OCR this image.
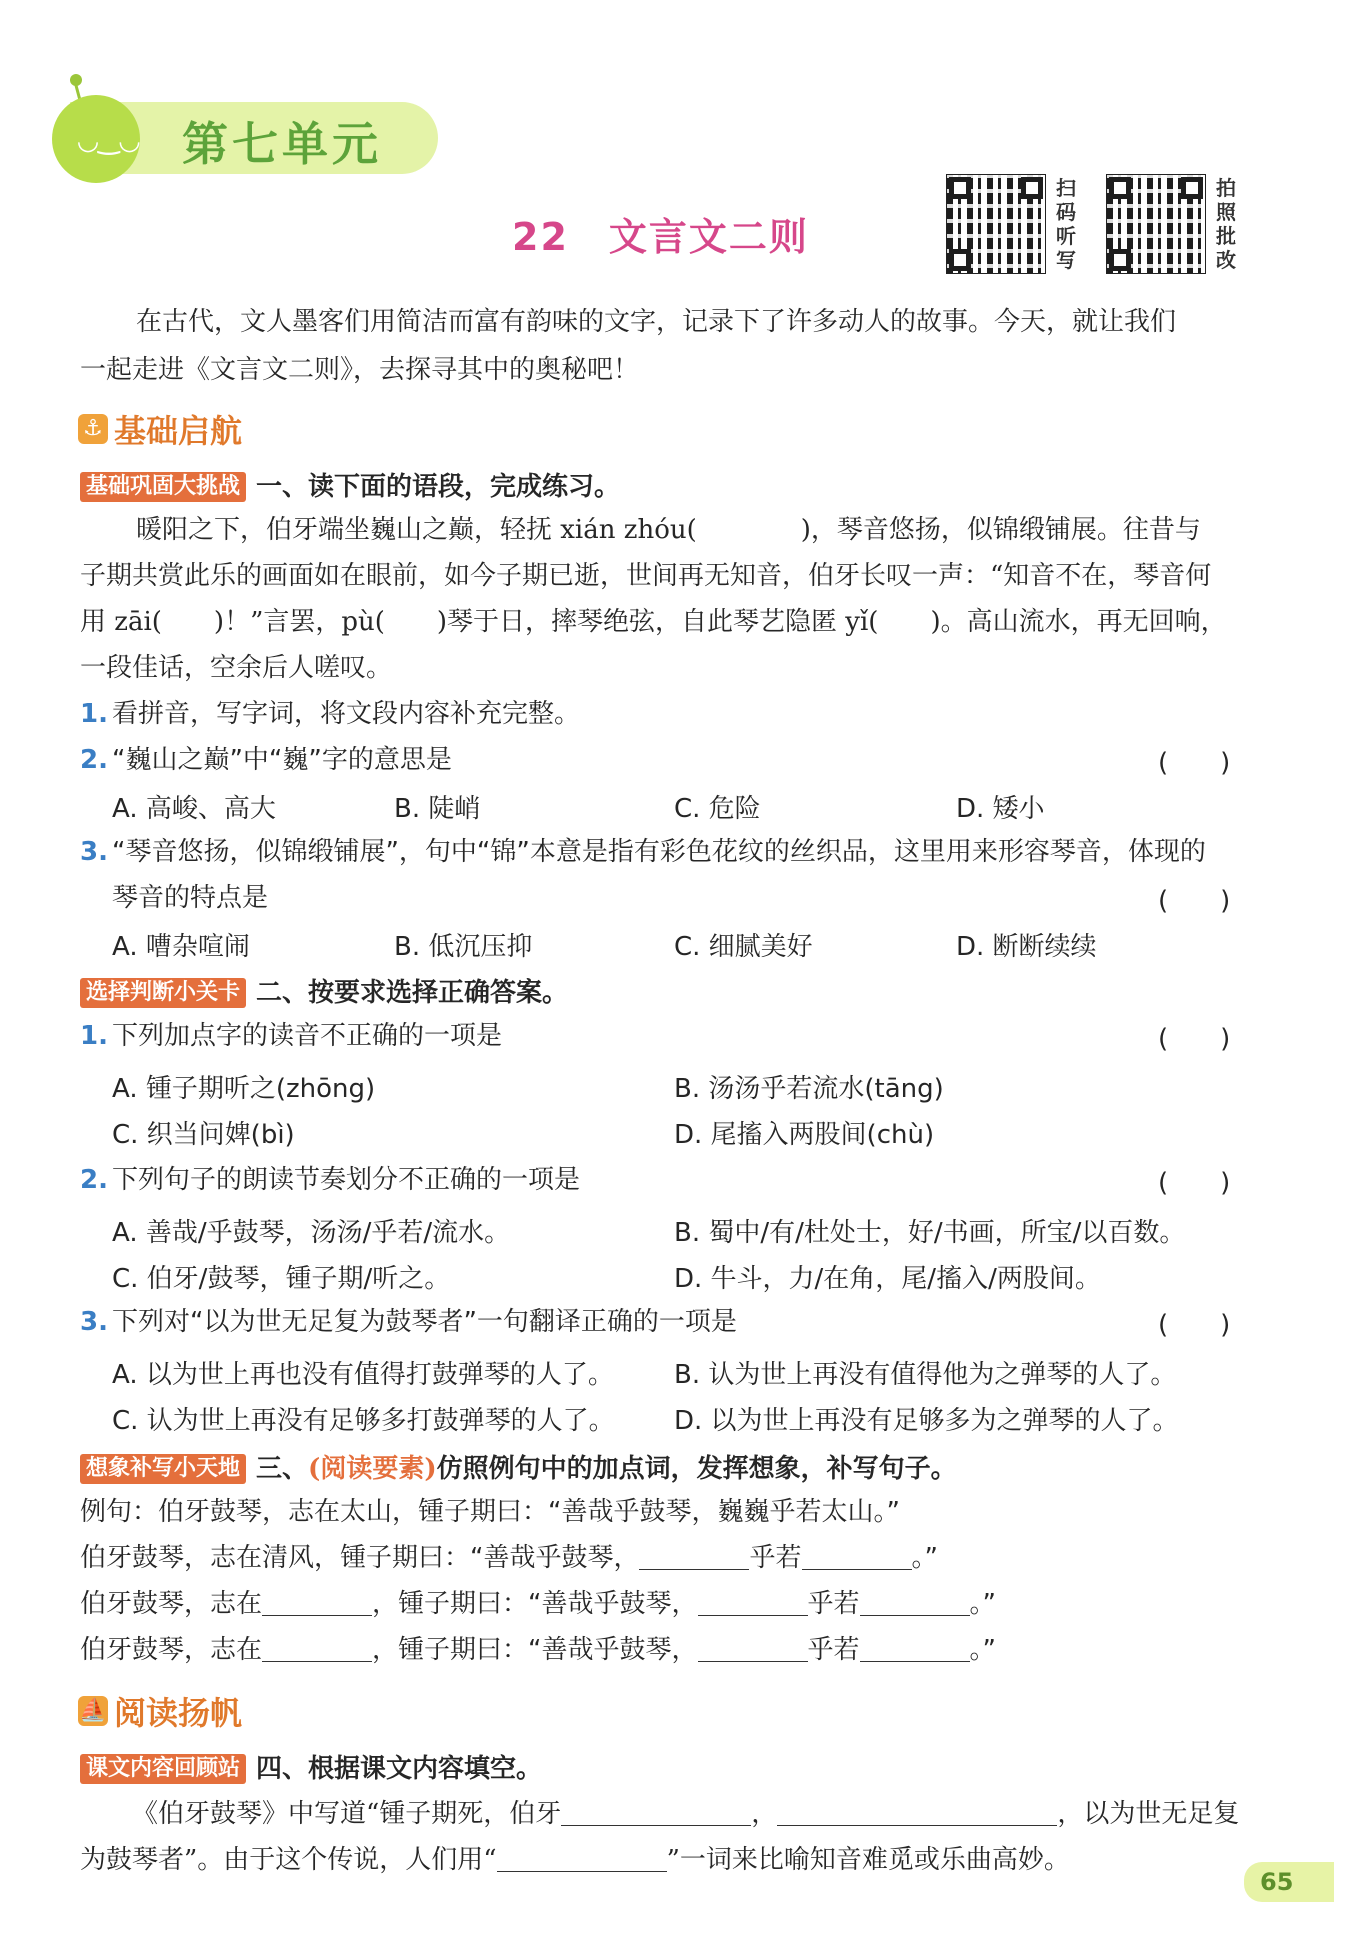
◡‿◡ 第七单元
22 文言文二则
扫
码
听
写
拍
照
批
改
在古代，文人墨客们用简洁而富有韵味的文字，记录下了许多动人的故事。今天，就让我们
一起走进《文言文二则》，去探寻其中的奥秘吧！
⚓ 基础启航
基础巩固大挑战 一、读下面的语段，完成练习。
暖阳之下，伯牙端坐巍山之巅，轻抚 xián zhóu(　　　　)，琴音悠扬，似锦缎铺展。往昔与
子期共赏此乐的画面如在眼前，如今子期已逝，世间再无知音，伯牙长叹一声：“知音不在，琴音何
用 zāi(　　)！”言罢，pù(　　)琴于日，摔琴绝弦，自此琴艺隐匿 yǐ(　　)。高山流水，再无回响，
一段佳话，空余后人嗟叹。
1. 看拼音，写字词，将文段内容补充完整。
2. “巍山之巅”中“巍”字的意思是	(　　)
A. 高峻、高大	B. 陡峭	C. 危险	D. 矮小
3. “琴音悠扬，似锦缎铺展”，句中“锦”本意是指有彩色花纹的丝织品，这里用来形容琴音，体现的
琴音的特点是	(　　)
A. 嘈杂喧闹	B. 低沉压抑	C. 细腻美好	D. 断断续续
选择判断小关卡 二、按要求选择正确答案。
1. 下列加点字的读音不正确的一项是	(　　)
A. 锺子期听之(zhōng)	B. 汤汤乎若流水(tāng)
C. 织当问婢(bì)	D. 尾搐入两股间(chù)
2. 下列句子的朗读节奏划分不正确的一项是	(　　)
A. 善哉/乎鼓琴，汤汤/乎若/流水。	B. 蜀中/有/杜处士，好/书画，所宝/以百数。
C. 伯牙/鼓琴，锺子期/听之。	D. 牛斗，力/在角，尾/搐入/两股间。
3. 下列对“以为世无足复为鼓琴者”一句翻译正确的一项是	(　　)
A. 以为世上再也没有值得打鼓弹琴的人了。 B. 认为世上再没有值得他为之弹琴的人了。
C. 认为世上再没有足够多打鼓弹琴的人了。 D. 以为世上再没有足够多为之弹琴的人了。
想象补写小天地 三、(阅读要素)仿照例句中的加点词，发挥想象，补写句子。
例句：伯牙鼓琴，志在太山，锺子期曰：“善哉乎鼓琴，巍巍乎若太山。”
伯牙鼓琴，志在清风，锺子期曰：“善哉乎鼓琴，	乎若	。”
伯牙鼓琴，志在	，锺子期曰：“善哉乎鼓琴，	乎若	。”
伯牙鼓琴，志在	，锺子期曰：“善哉乎鼓琴，	乎若	。”
⛵ 阅读扬帆
课文内容回顾站 四、根据课文内容填空。
《伯牙鼓琴》中写道“锺子期死，伯牙	，	，以为世无足复
为鼓琴者”。由于这个传说，人们用“	”一词来比喻知音难觅或乐曲高妙。
65
